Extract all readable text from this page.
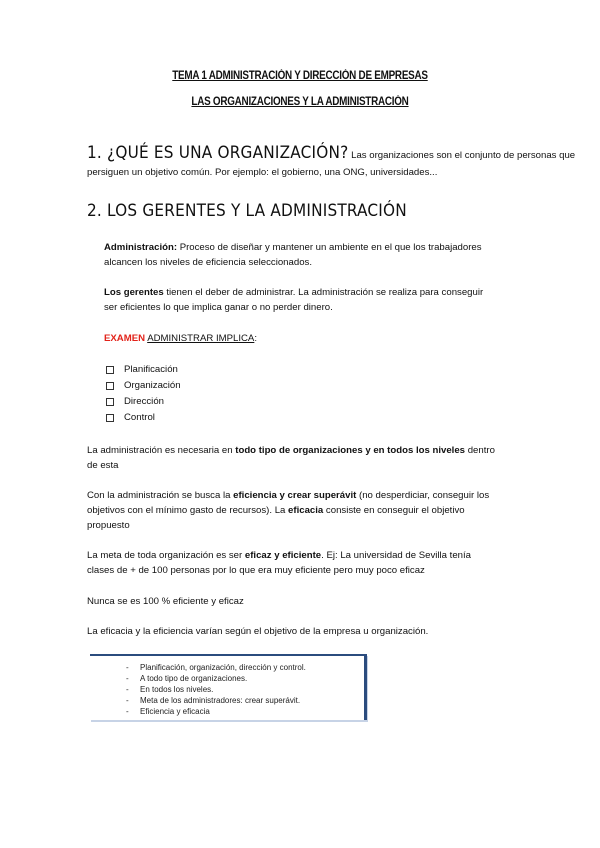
TEMA 1 ADMINISTRACIÓN Y DIRECCIÓN DE EMPRESAS
LAS ORGANIZACIONES Y LA ADMINISTRACIÓN
1. ¿QUÉ ES UNA ORGANIZACIÓN? Las organizaciones son el conjunto de personas que
persiguen un objetivo común. Por ejemplo: el gobierno, una ONG, universidades...
2. LOS GERENTES Y LA ADMINISTRACIÓN
Administración: Proceso de diseñar y mantener un ambiente en el que los trabajadores
alcancen los niveles de eficiencia seleccionados.
Los gerentes tienen el deber de administrar. La administración se realiza para conseguir
ser eficientes lo que implica ganar o no perder dinero.
EXAMEN ADMINISTRAR IMPLICA:
Planificación
Organización
Dirección
Control
La administración es necesaria en todo tipo de organizaciones y en todos los niveles dentro
de esta
Con la administración se busca la eficiencia y crear superávit (no desperdiciar, conseguir los
objetivos con el mínimo gasto de recursos). La eficacia consiste en conseguir el objetivo
propuesto
La meta de toda organización es ser eficaz y eficiente. Ej: La universidad de Sevilla tenía
clases de + de 100 personas por lo que era muy eficiente pero muy poco eficaz
Nunca se es 100 % eficiente y eficaz
La eficacia y la eficiencia varían según el objetivo de la empresa u organización.
- Planificación, organización, dirección y control.
- A todo tipo de organizaciones.
- En todos los niveles.
- Meta de los administradores: crear superávit.
- Eficiencia y eficacia
